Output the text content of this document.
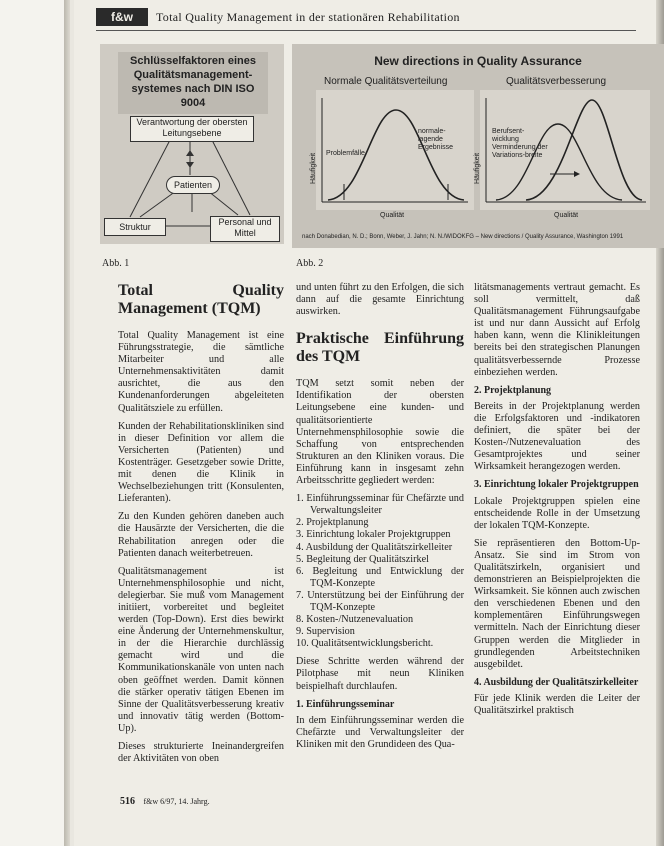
f&w	Total Quality Management in der stationären Rehabilitation
Schlüsselfaktoren eines Qualitätsmanagement-systemes nach DIN ISO 9004
Verantwortung der obersten Leitungsebene
Patienten
Struktur	Personal und Mittel
New directions in Quality Assurance
Normale Qualitätsverteilung	Qualitätsverbesserung
Häufigkeit	Häufigkeit
Qualität	Qualität
Problemfälle
normale-lagende Ergebnisse
Berufsent-wicklung Verminderung der Variations-breite
nach Donabedian, N. D.; Bonn, Weber, J. Jahn; N. N./WIDOKFG – New directions / Quality Assurance, Washington 1991
Abb. 1	Abb. 2
Total Quality Management (TQM)

Total Quality Management ist eine Führungsstrategie, die sämtliche Mitarbeiter und alle Unternehmensaktivitäten damit ausrichtet, die aus den Kundenanforderungen abgeleiteten Qualitätsziele zu erfüllen.

Kunden der Rehabilitationskliniken sind in dieser Definition vor allem die Versicherten (Patienten) und Kostenträger. Gesetzgeber sowie Dritte, mit denen die Klinik in Wechselbeziehungen tritt (Konsulenten, Lieferanten).

Zu den Kunden gehören daneben auch die Hausärzte der Versicherten, die die Rehabilitation anregen oder die Patienten danach weiterbetreuen.

Qualitätsmanagement ist Unternehmensphilosophie und nicht, delegierbar. Sie muß vom Management initiiert, vorbereitet und begleitet werden (Top-Down). Erst dies bewirkt eine Änderung der Unternehmenskultur, in der die Hierarchie durchlässig gemacht wird und die Kommunikationskanäle von unten nach oben geöffnet werden. Damit können die stärker operativ tätigen Ebenen im Sinne der Qualitätsverbesserung kreativ und innovativ tätig werden (Bottom-Up).

Dieses strukturierte Ineinandergreifen der Aktivitäten von oben

und unten führt zu den Erfolgen, die sich dann auf die gesamte Einrichtung auswirken.

Praktische Einführung des TQM

TQM setzt somit neben der Identifikation der obersten Leitungsebene eine kunden- und qualitätsorientierte Unternehmensphilosophie sowie die Schaffung von entsprechenden Strukturen an den Kliniken voraus. Die Einführung kann in insgesamt zehn Arbeitsschritte gegliedert werden:

1. Einführungsseminar für Chefärzte und Verwaltungsleiter
2. Projektplanung
3. Einrichtung lokaler Projektgruppen
4. Ausbildung der Qualitätszirkelleiter
5. Begleitung der Qualitätszirkel
6. Begleitung und Entwicklung der TQM-Konzepte
7. Unterstützung bei der Einführung der TQM-Konzepte
8. Kosten-/Nutzenevaluation
9. Supervision
10. Qualitätsentwicklungsbericht.

Diese Schritte werden während der Pilotphase mit neun Kliniken beispielhaft durchlaufen.

1. Einführungsseminar

In dem Einführungsseminar werden die Chefärzte und Verwaltungsleiter der Kliniken mit den Grundideen des Qua-

litätsmanagements vertraut gemacht. Es soll vermittelt, daß Qualitätsmanagement Führungsaufgabe ist und nur dann Aussicht auf Erfolg haben kann, wenn die Klinikleitungen bereits bei den strategischen Planungen qualitätsverbessernde Prozesse einbeziehen werden.

2. Projektplanung

Bereits in der Projektplanung werden die Erfolgsfaktoren und -indikatoren definiert, die später bei der Kosten-/Nutzenevaluation des Gesamtprojektes und seiner Wirksamkeit herangezogen werden.

3. Einrichtung lokaler Projektgruppen

Lokale Projektgruppen spielen eine entscheidende Rolle in der Umsetzung der lokalen TQM-Konzepte.

Sie repräsentieren den Bottom-Up-Ansatz. Sie sind im Strom von Qualitätszirkeln, organisiert und demonstrieren an Beispielprojekten die Wirksamkeit. Sie können auch zwischen den verschiedenen Ebenen und den komplementären Einführungswegen vermitteln. Nach der Einrichtung dieser Gruppen werden die Mitglieder in grundlegenden Arbeitstechniken ausgebildet.

4. Ausbildung der Qualitätszirkelleiter

Für jede Klinik werden die Leiter der Qualitätszirkel praktisch

516 f&w 6/97, 14. Jahrg.
